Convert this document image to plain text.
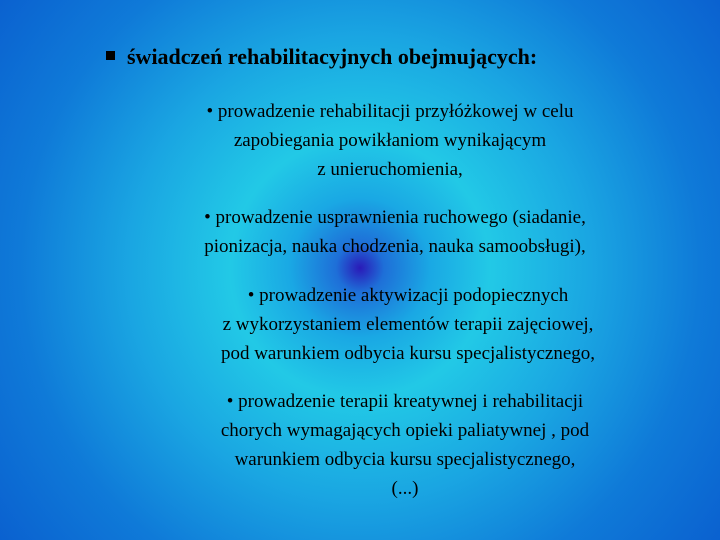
świadczeń rehabilitacyjnych obejmujących:
• prowadzenie rehabilitacji przyłóżkowej w celu
zapobiegania powikłaniom wynikającym
z unieruchomienia,
• prowadzenie usprawnienia ruchowego (siadanie,
pionizacja, nauka chodzenia, nauka samoobsługi),
• prowadzenie aktywizacji podopiecznych
z wykorzystaniem elementów terapii zajęciowej,
pod warunkiem odbycia kursu specjalistycznego,
• prowadzenie terapii kreatywnej i rehabilitacji
chorych wymagających opieki paliatywnej , pod
warunkiem odbycia kursu specjalistycznego,
(...)
